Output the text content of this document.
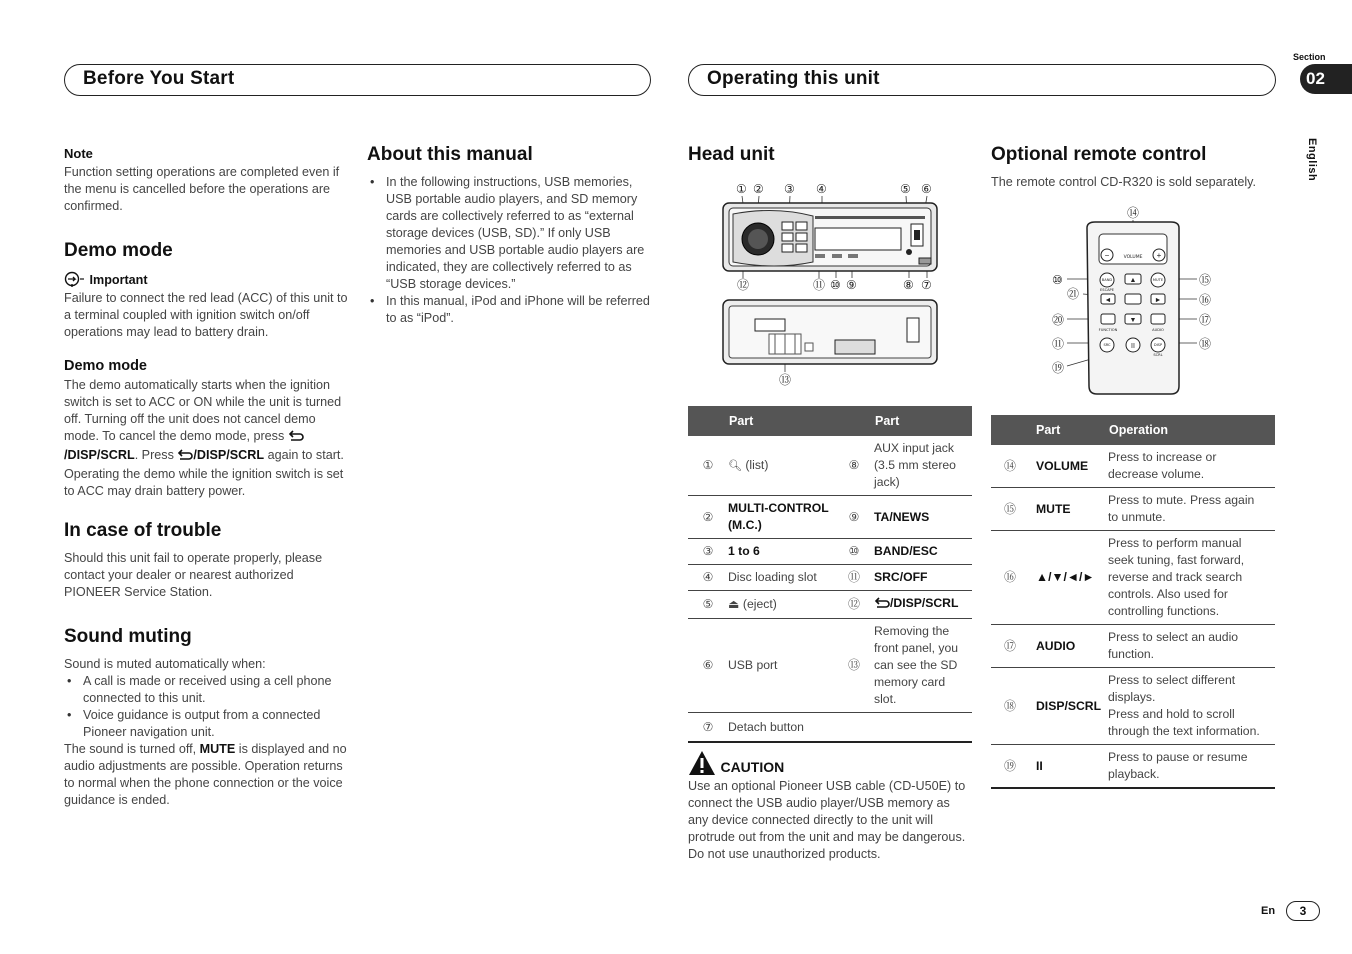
Before You Start	Operating this unit
Section
02
English
Note
Function setting operations are completed even if the menu is cancelled before the operations are confirmed.
Demo mode
Important
Failure to connect the red lead (ACC) of this unit to a terminal coupled with ignition switch on/off operations may lead to battery drain.
Demo mode
The demo automatically starts when the ignition switch is set to ACC or ON while the unit is turned off. Turning off the unit does not cancel demo mode. To cancel the demo mode, press /DISP/SCRL. Press /DISP/SCRL again to start. Operating the demo while the ignition switch is set to ACC may drain battery power.
In case of trouble
Should this unit fail to operate properly, please contact your dealer or nearest authorized PIONEER Service Station.
Sound muting
Sound is muted automatically when:
• A call is made or received using a cell phone connected to this unit.
• Voice guidance is output from a connected Pioneer navigation unit.
The sound is turned off, MUTE is displayed and no audio adjustments are possible. Operation returns to normal when the phone connection or the voice guidance is ended.
About this manual
• In the following instructions, USB memories, USB portable audio players, and SD memory cards are collectively referred to as “external storage devices (USB, SD).” If only USB memories and USB portable audio players are indicated, they are collectively referred to as “USB storage devices.”
• In this manual, iPod and iPhone will be referred to as “iPod”.
Head unit
① ② ③ ④	⑤ ⑥
⑫	⑪ ⑩ ⑨	⑧ ⑦
⑬
	Part		Part
①	🔍︎ (list)	⑧	AUX input jack (3.5 mm stereo jack)
②	MULTI-CONTROL (M.C.)	⑨	TA/NEWS
③	1 to 6	⑩	BAND/ESC
④	Disc loading slot	⑪	SRC/OFF
⑤	⏏ (eject)	⑫	/DISP/SCRL
⑥	USB port	⑬	Removing the front panel, you can see the SD memory card slot.
⑦	Detach button		
CAUTION
Use an optional Pioneer USB cable (CD-U50E) to connect the USB audio player/USB memory as any device connected directly to the unit will protrude out from the unit and may be dangerous.
Do not use unauthorized products.
Optional remote control
The remote control CD-R320 is sold separately.
⑭
⑩
㉑
⑳
⑪
⑲
⑮
⑯
⑰
⑱
VOLUME
−	+
BAND
ESCAPE
MUTE
FUNCTION	AUDIO
DISP
SCRL
SRC
▲
◄	►
▼
II
	Part	Operation
⑭	VOLUME	Press to increase or decrease volume.
⑮	MUTE	Press to mute. Press again to unmute.
⑯	▲/▼/◄/►	Press to perform manual seek tuning, fast forward, reverse and track search controls. Also used for controlling functions.
⑰	AUDIO	Press to select an audio function.
⑱	DISP/SCRL	Press to select different displays.
Press and hold to scroll through the text information.
⑲	II	Press to pause or resume playback.
En	3
